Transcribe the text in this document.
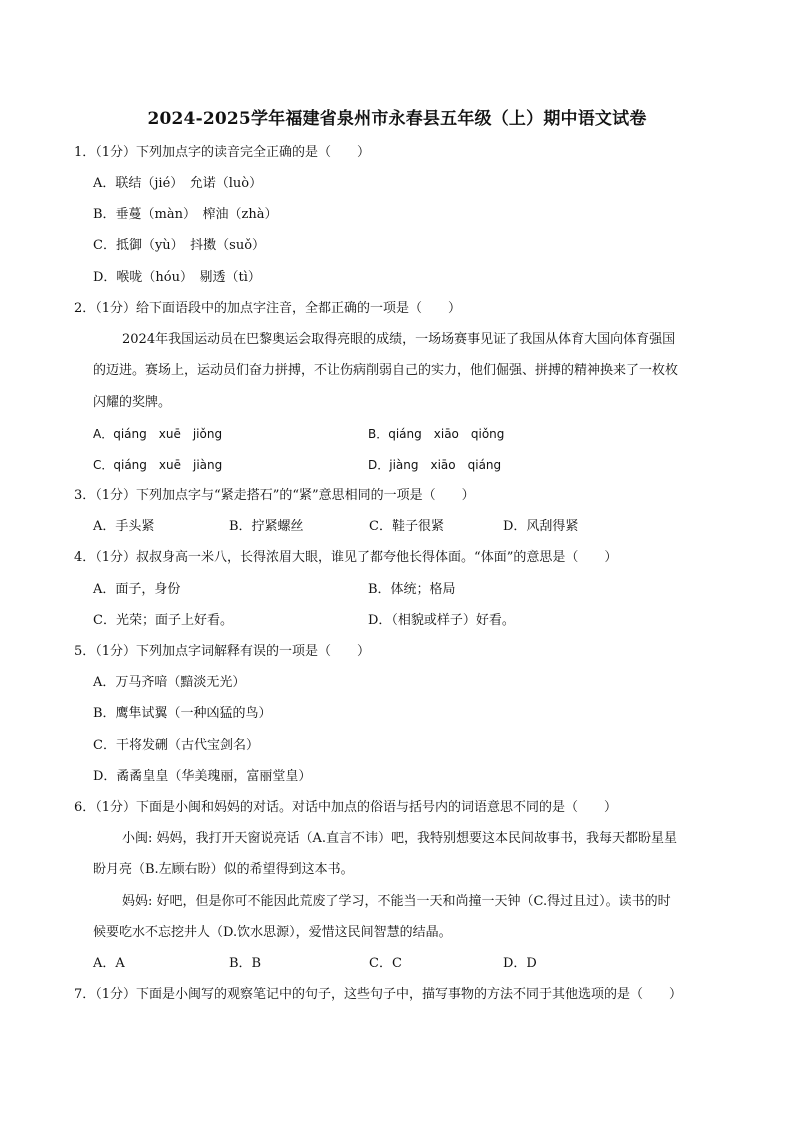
2024-2025学年福建省泉州市永春县五年级（上）期中语文试卷
1．（1分）下列加点字的读音完全正确的是（　　）
A．联结（jié）　允诺（luò）
B．垂蔓（màn）　榨油（zhà）
C．抵御（yù）　抖擞（suǒ）
D．喉咙（hóu）　剔透（tì）
2．（1分）给下面语段中的加点字注音，全都正确的一项是（　　）
2024年我国运动员在巴黎奥运会取得亮眼的成绩，一场场赛事见证了我国从体育大国向体育强国
的迈进。赛场上，运动员们奋力拼搏，不让伤病削弱自己的实力，他们倔强、拼搏的精神换来了一枚枚
闪耀的奖牌。
A．qiáng　xuē　jiǒng	B．qiáng　xiāo　qiǒng
C．qiáng　xuē　jiàng	D．jiàng　xiāo　qiáng
3．（1分）下列加点字与“紧走搭石”的“紧”意思相同的一项是（　　）
A．手头紧	B．拧紧螺丝	C．鞋子很紧	D．风刮得紧
4．（1分）叔叔身高一米八，长得浓眉大眼，谁见了都夸他长得体面。“体面”的意思是（　　）
A．面子，身份	B．体统；格局
C．光荣；面子上好看。	D．（相貌或样子）好看。
5．（1分）下列加点字词解释有误的一项是（　　）
A．万马齐喑（黯淡无光）
B．鹰隼试翼（一种凶猛的鸟）
C．干将发硎（古代宝剑名）
D．矞矞皇皇（华美瑰丽，富丽堂皇）
6．（1分）下面是小闽和妈妈的对话。对话中加点的俗语与括号内的词语意思不同的是（　　）
小闽: 妈妈，我打开天窗说亮话（A.直言不讳）吧，我特别想要这本民间故事书，我每天都盼星星
盼月亮（B.左顾右盼）似的希望得到这本书。
妈妈: 好吧，但是你可不能因此荒废了学习，不能当一天和尚撞一天钟（C.得过且过）。读书的时
候要吃水不忘挖井人（D.饮水思源），爱惜这民间智慧的结晶。
A．A	B．B	C．C	D．D
7．（1分）下面是小闽写的观察笔记中的句子，这些句子中，描写事物的方法不同于其他选项的是（　　）
